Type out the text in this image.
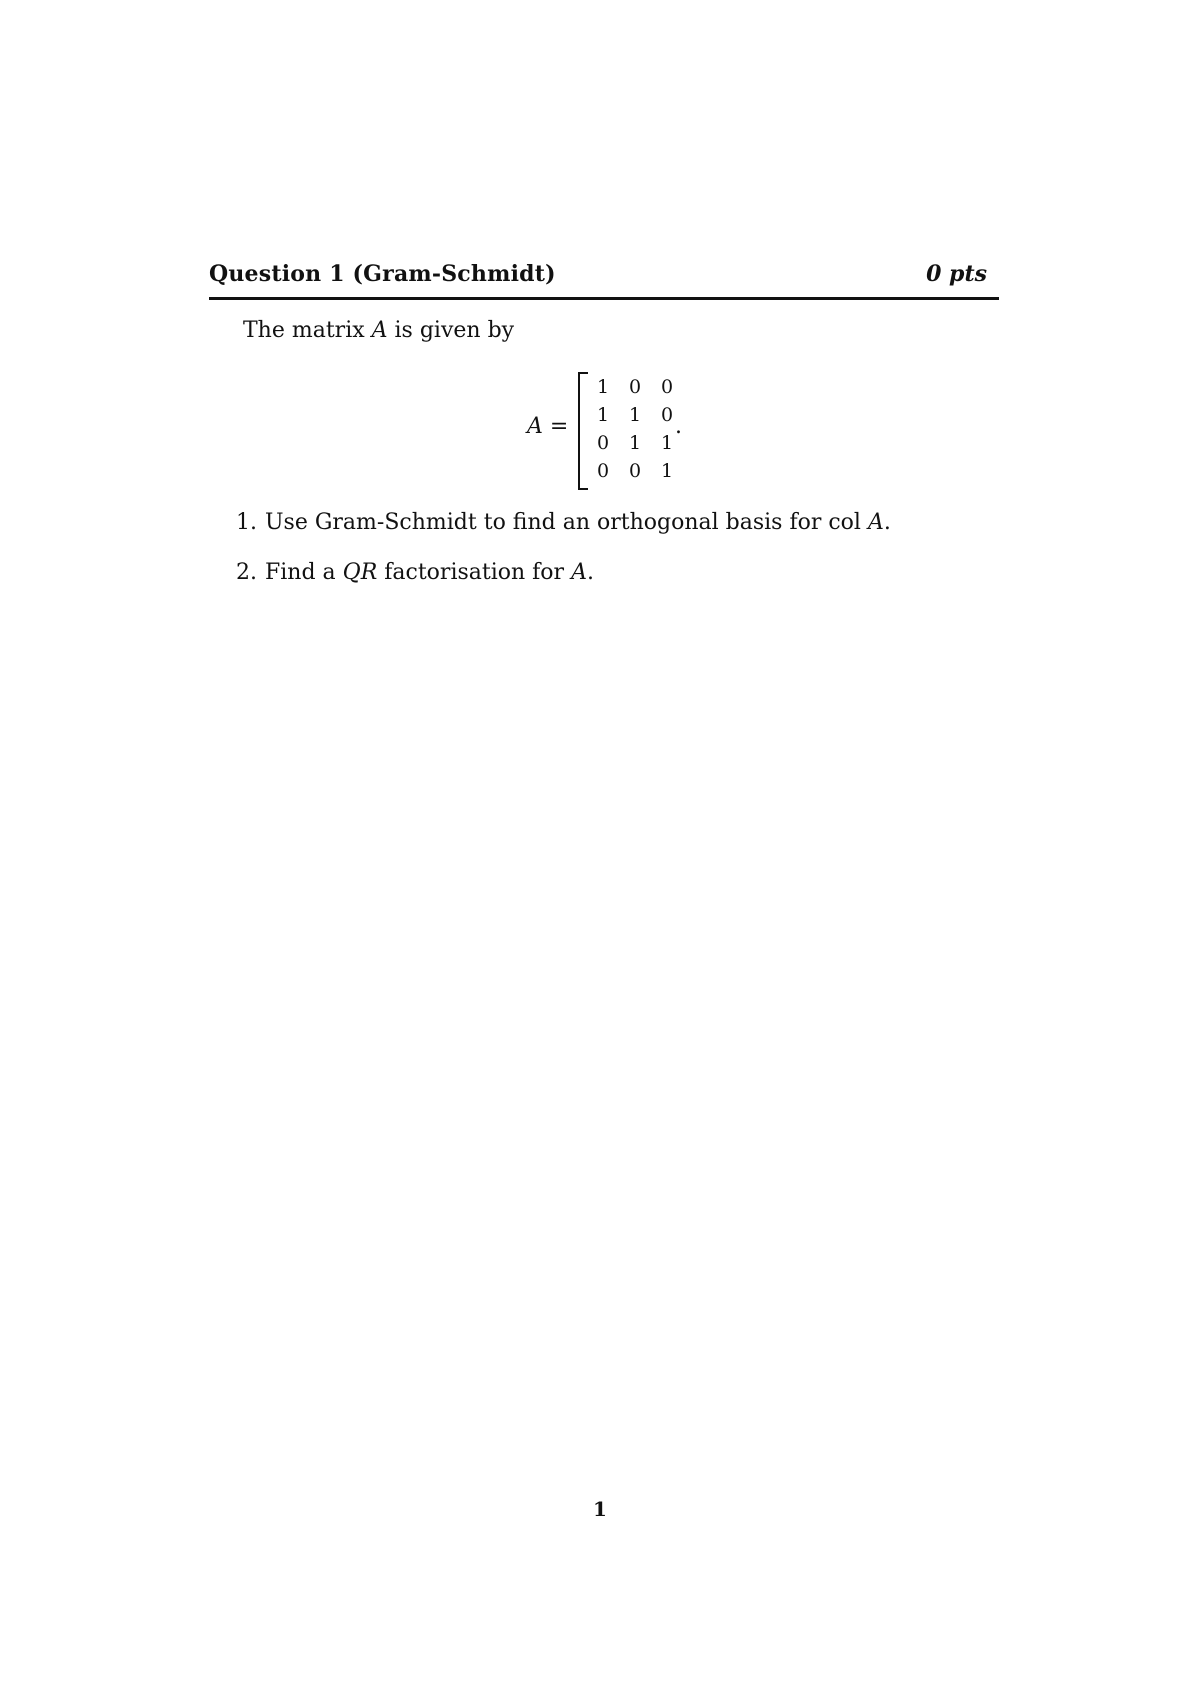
Question 1 (Gram-Schmidt)	0 pts
The matrix A is given by
A =
1	0	0
1	1	0
0	1	1
0	0	1
.
1. Use Gram-Schmidt to find an orthogonal basis for col A.
2. Find a QR factorisation for A.
1
